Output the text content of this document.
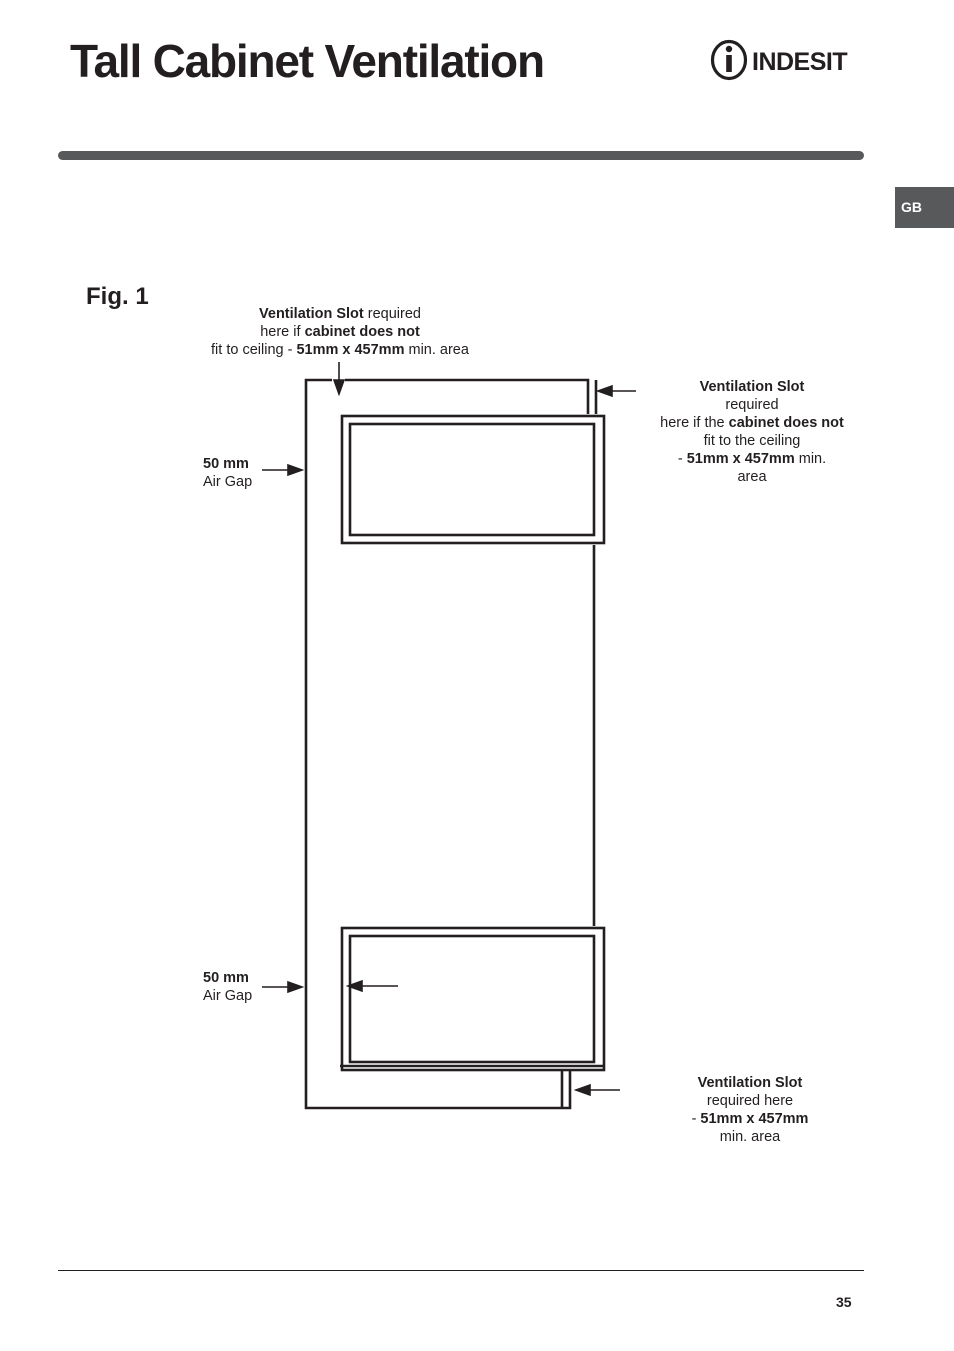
Tall Cabinet Ventilation	INDESIT
GB
Fig. 1
Ventilation Slot required
here if cabinet does not
fit to ceiling - 51mm x 457mm min. area
Ventilation Slot
required
here if the cabinet does not
fit to the ceiling
- 51mm x 457mm min.
area
Ventilation Slot
required here
- 51mm x 457mm
min. area
50 mm
Air Gap
50 mm
Air Gap
35
